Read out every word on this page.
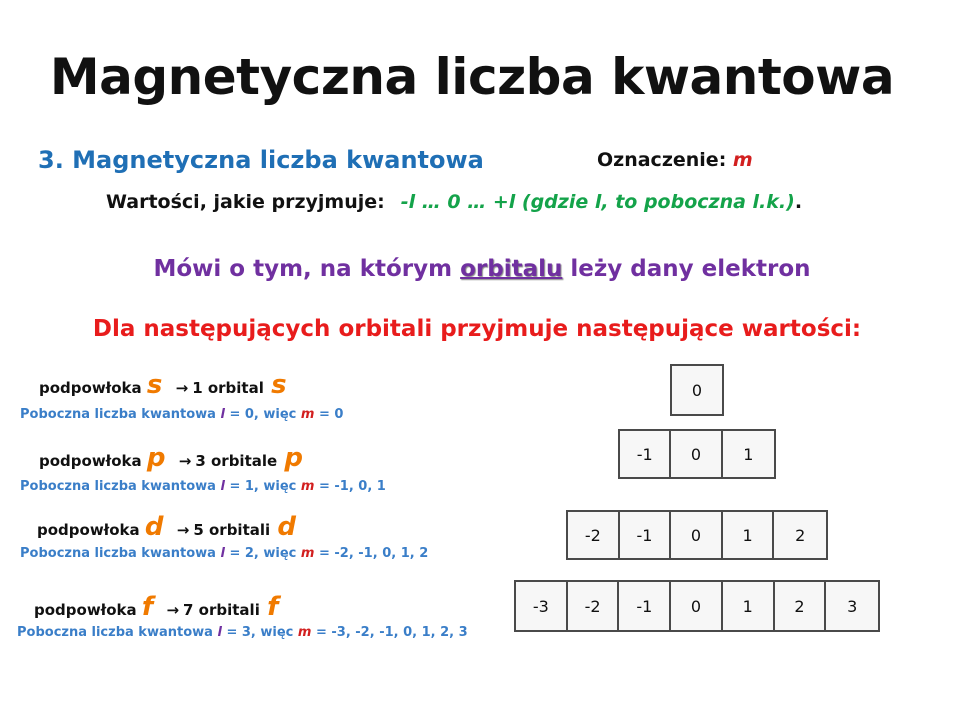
Magnetyczna liczba kwantowa
3. Magnetyczna liczba kwantowa	Oznaczenie: m
Wartości, jakie przyjmuje: -l … 0 … +l (gdzie l, to poboczna l.k.).
Mówi o tym, na którym orbitalu leży dany elektron
Dla następujących orbitali przyjmuje następujące wartości:
podpowłoka s → 1 orbital s
Poboczna liczba kwantowa l = 0, więc m = 0
podpowłoka p → 3 orbitale p
Poboczna liczba kwantowa l = 1, więc m = -1, 0, 1
podpowłoka d → 5 orbitali d
Poboczna liczba kwantowa l = 2, więc m = -2, -1, 0, 1, 2
podpowłoka f → 7 orbitali f
Poboczna liczba kwantowa l = 3, więc m = -3, -2, -1, 0, 1, 2, 3
0
-1	0	1
-2	-1	0	1	2
-3	-2	-1	0	1	2	3
